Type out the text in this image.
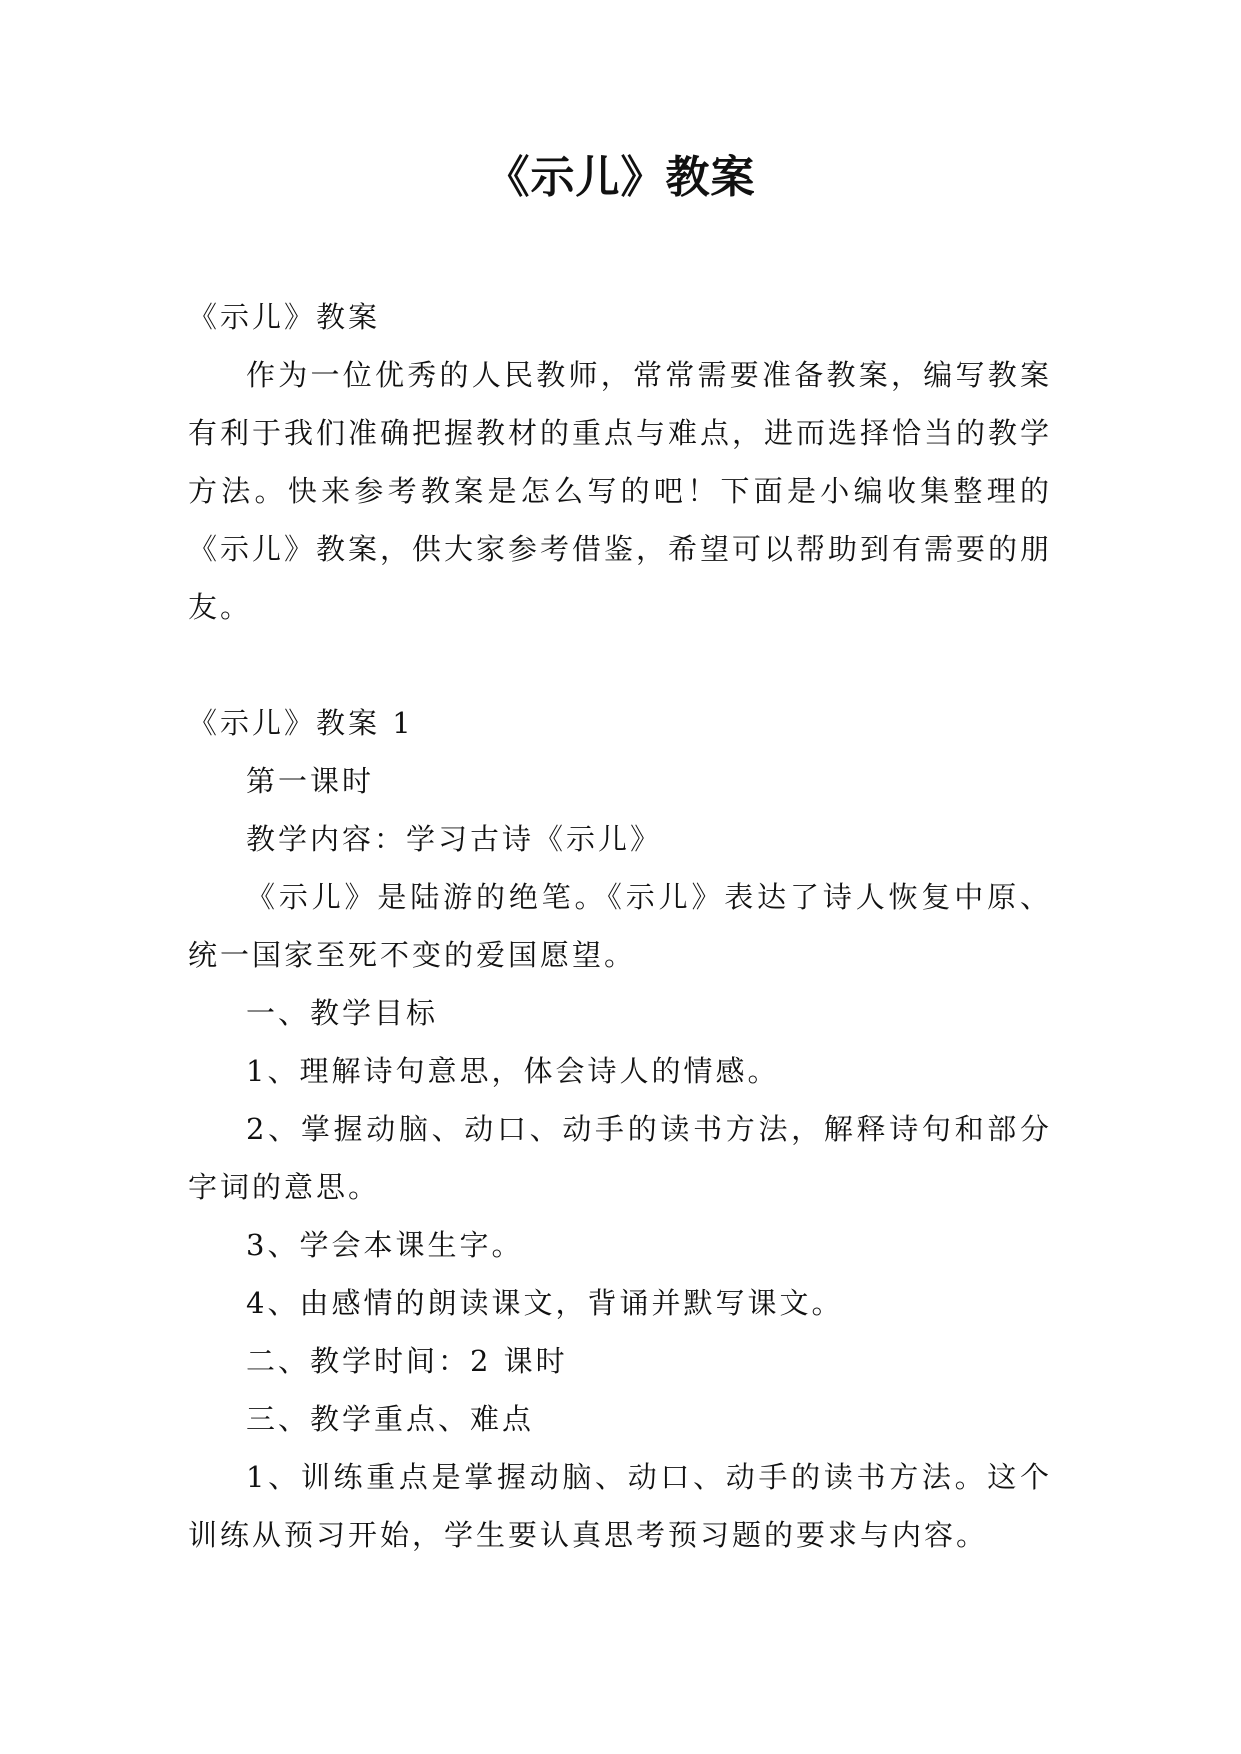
《示儿》教案

《示儿》教案

作为一位优秀的人民教师，常常需要准备教案，编写教案有利于我们准确把握教材的重点与难点，进而选择恰当的教学方法。快来参考教案是怎么写的吧！下面是小编收集整理的《示儿》教案，供大家参考借鉴，希望可以帮助到有需要的朋友。

《示儿》教案 1

第一课时

教学内容：学习古诗《示儿》

《示儿》是陆游的绝笔。《示儿》表达了诗人恢复中原、统一国家至死不变的爱国愿望。

一、教学目标

1、理解诗句意思，体会诗人的情感。

2、掌握动脑、动口、动手的读书方法，解释诗句和部分字词的意思。

3、学会本课生字。

4、由感情的朗读课文，背诵并默写课文。

二、教学时间：2 课时

三、教学重点、难点

1、训练重点是掌握动脑、动口、动手的读书方法。这个训练从预习开始，学生要认真思考预习题的要求与内容。
